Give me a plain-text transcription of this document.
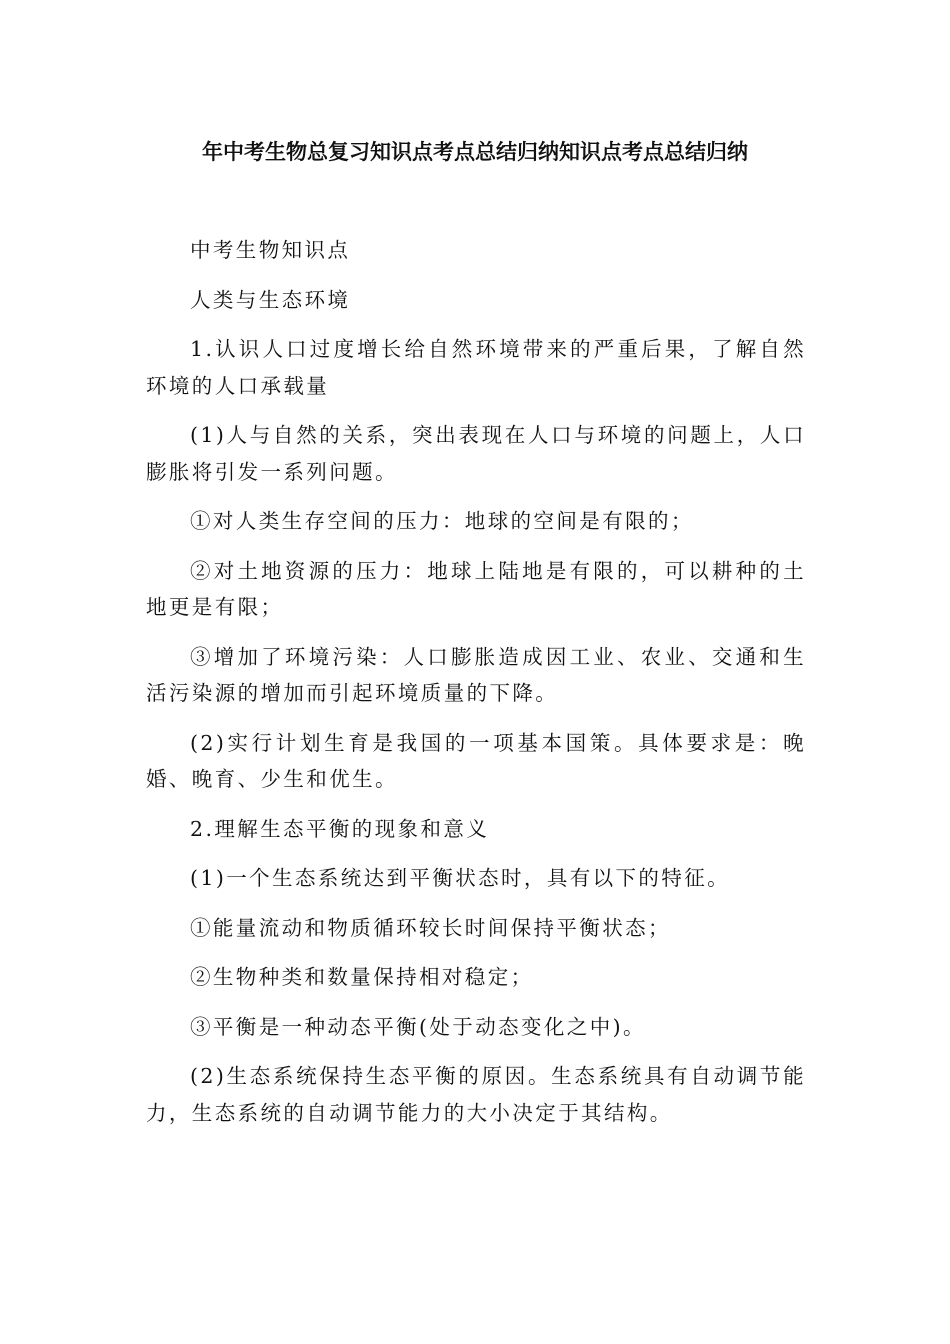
年中考生物总复习知识点考点总结归纳知识点考点总结归纳

中考生物知识点

人类与生态环境

1.认识人口过度增长给自然环境带来的严重后果，了解自然环境的人口承载量

(1)人与自然的关系，突出表现在人口与环境的问题上，人口膨胀将引发一系列问题。

①对人类生存空间的压力：地球的空间是有限的；

②对土地资源的压力：地球上陆地是有限的，可以耕种的土地更是有限；

③增加了环境污染：人口膨胀造成因工业、农业、交通和生活污染源的增加而引起环境质量的下降。

(2)实行计划生育是我国的一项基本国策。具体要求是：晚婚、晚育、少生和优生。

2.理解生态平衡的现象和意义

(1)一个生态系统达到平衡状态时，具有以下的特征。

①能量流动和物质循环较长时间保持平衡状态；

②生物种类和数量保持相对稳定；

③平衡是一种动态平衡(处于动态变化之中)。

(2)生态系统保持生态平衡的原因。生态系统具有自动调节能力，生态系统的自动调节能力的大小决定于其结构。
